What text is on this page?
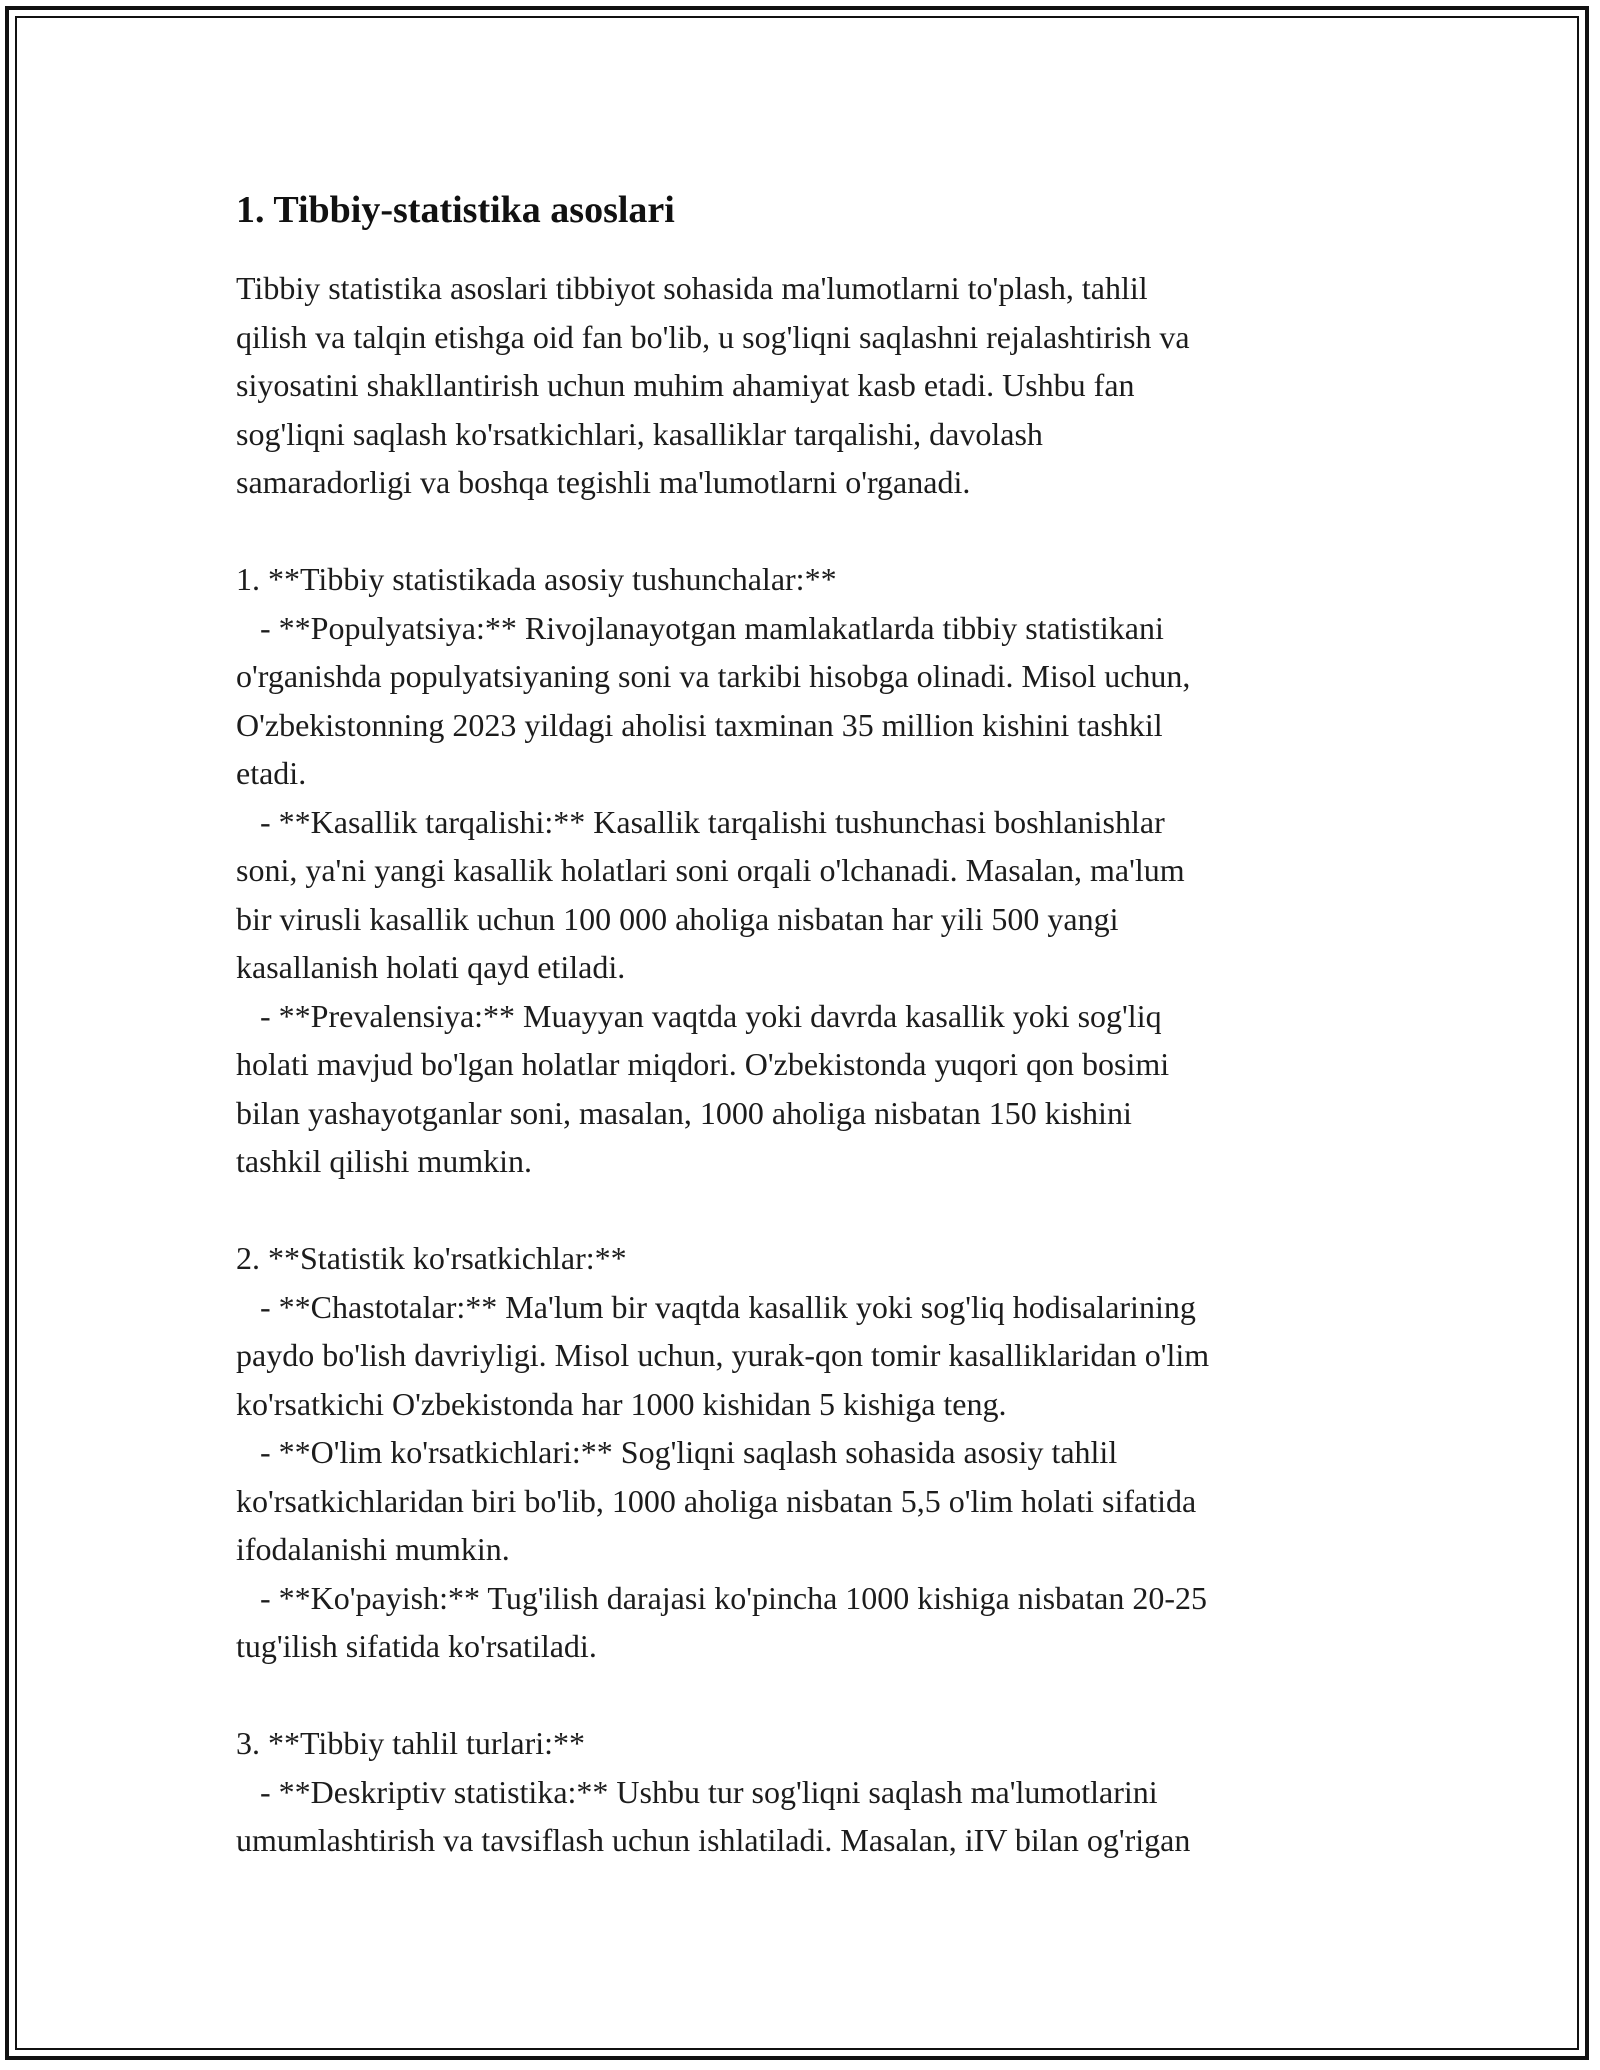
1. Tibbiy-statistika asoslari

Tibbiy statistika asoslari tibbiyot sohasida ma'lumotlarni to'plash, tahlil
qilish va talqin etishga oid fan bo'lib, u sog'liqni saqlashni rejalashtirish va
siyosatini shakllantirish uchun muhim ahamiyat kasb etadi. Ushbu fan
sog'liqni saqlash ko'rsatkichlari, kasalliklar tarqalishi, davolash
samaradorligi va boshqa tegishli ma'lumotlarni o'rganadi.

1. **Tibbiy statistikada asosiy tushunchalar:**
- **Populyatsiya:** Rivojlanayotgan mamlakatlarda tibbiy statistikani
o'rganishda populyatsiyaning soni va tarkibi hisobga olinadi. Misol uchun,
O'zbekistonning 2023 yildagi aholisi taxminan 35 million kishini tashkil
etadi.
- **Kasallik tarqalishi:** Kasallik tarqalishi tushunchasi boshlanishlar
soni, ya'ni yangi kasallik holatlari soni orqali o'lchanadi. Masalan, ma'lum
bir virusli kasallik uchun 100 000 aholiga nisbatan har yili 500 yangi
kasallanish holati qayd etiladi.
- **Prevalensiya:** Muayyan vaqtda yoki davrda kasallik yoki sog'liq
holati mavjud bo'lgan holatlar miqdori. O'zbekistonda yuqori qon bosimi
bilan yashayotganlar soni, masalan, 1000 aholiga nisbatan 150 kishini
tashkil qilishi mumkin.

2. **Statistik ko'rsatkichlar:**
- **Chastotalar:** Ma'lum bir vaqtda kasallik yoki sog'liq hodisalarining
paydo bo'lish davriyligi. Misol uchun, yurak-qon tomir kasalliklaridan o'lim
ko'rsatkichi O'zbekistonda har 1000 kishidan 5 kishiga teng.
- **O'lim ko'rsatkichlari:** Sog'liqni saqlash sohasida asosiy tahlil
ko'rsatkichlaridan biri bo'lib, 1000 aholiga nisbatan 5,5 o'lim holati sifatida
ifodalanishi mumkin.
- **Ko'payish:** Tug'ilish darajasi ko'pincha 1000 kishiga nisbatan 20-25
tug'ilish sifatida ko'rsatiladi.

3. **Tibbiy tahlil turlari:**
- **Deskriptiv statistika:** Ushbu tur sog'liqni saqlash ma'lumotlarini
umumlashtirish va tavsiflash uchun ishlatiladi. Masalan, iIV bilan og'rigan
